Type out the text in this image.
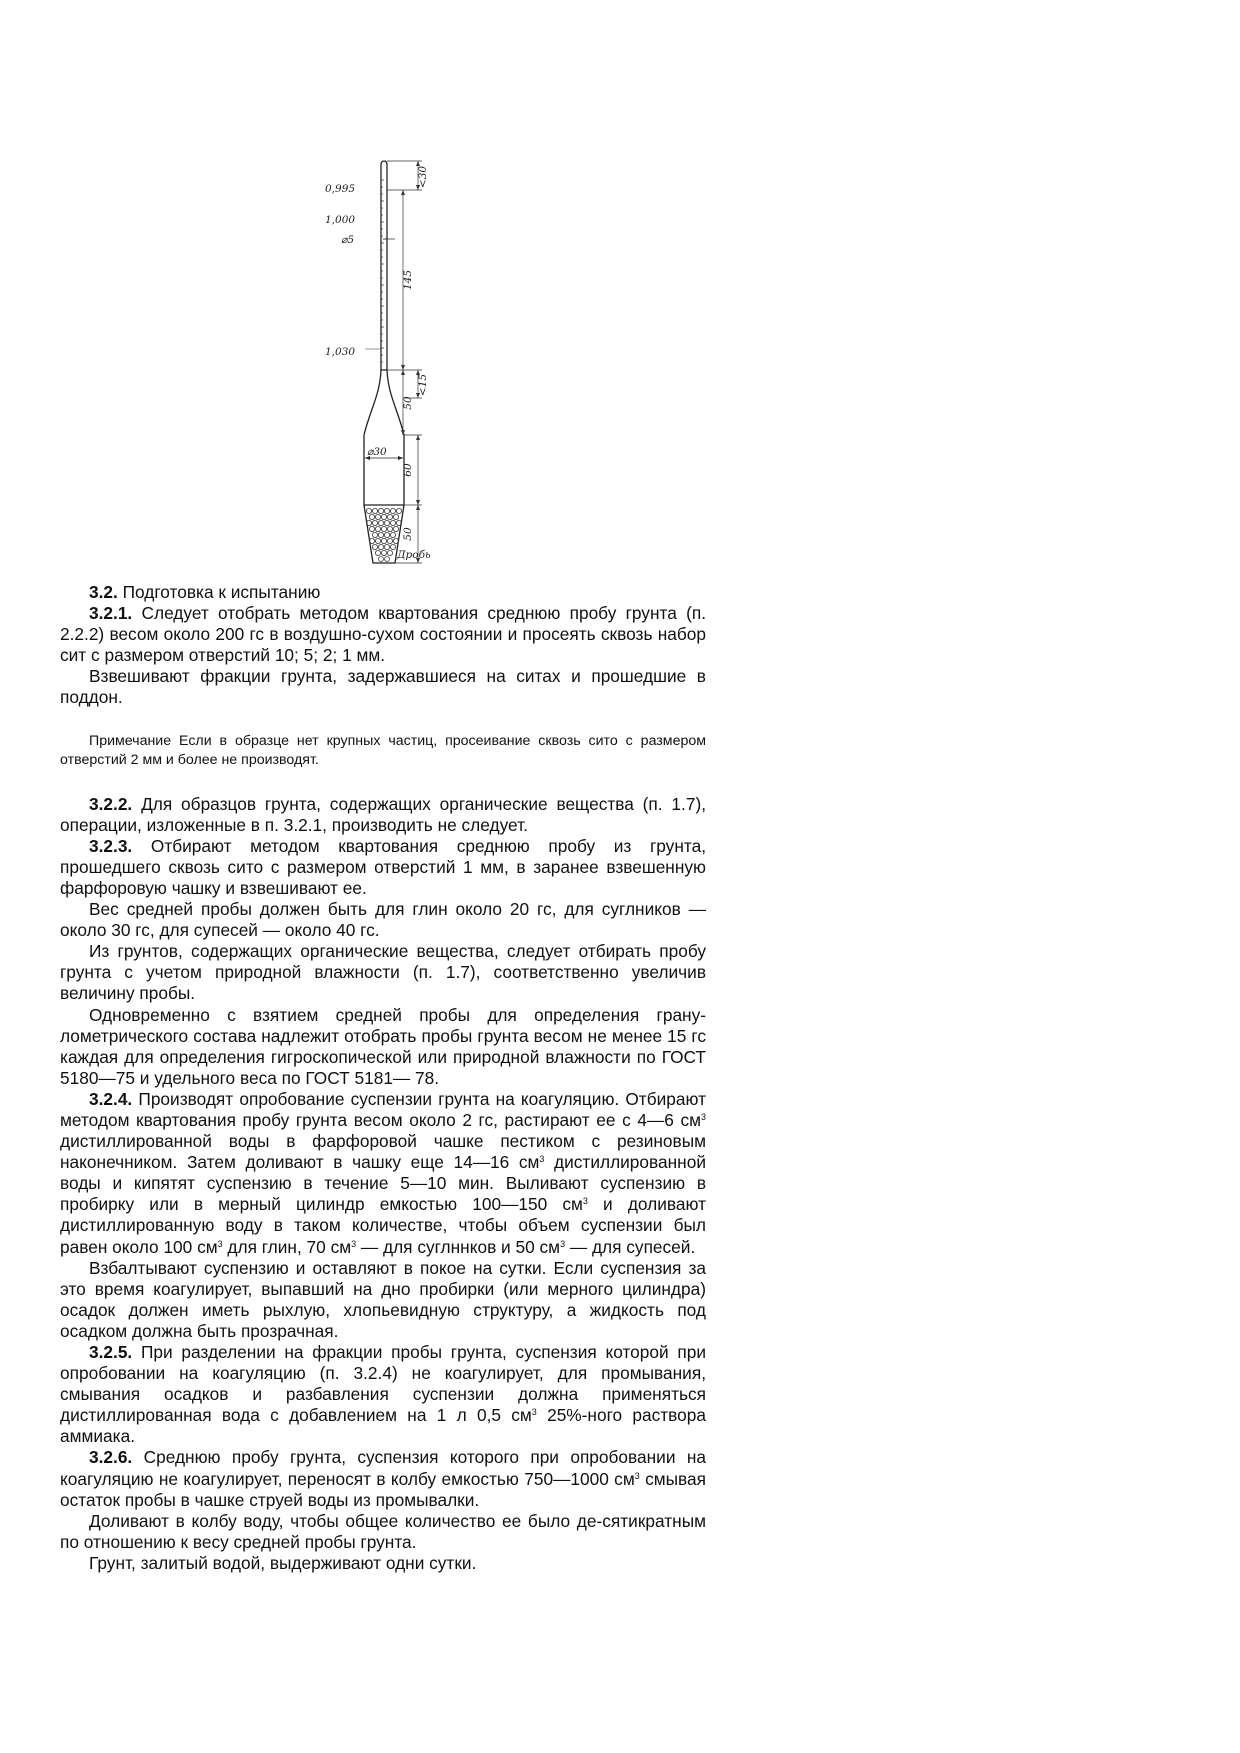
0,995
1,000
⌀5
1,030
⌀30
Дробь
<30
145
50
<15
60
50

3.2. Подготовка к испытанию

3.2.1. Следует отобрать методом квартования среднюю пробу грунта (п. 2.2.2) весом около 200 гс в воздушно-сухом состоянии и просеять сквозь набор сит с размером отверстий 10; 5; 2; 1 мм.

Взвешивают фракции грунта, задержавшиеся на ситах и прошедшие в поддон.

Примечание Если в образце нет крупных частиц, просеивание сквозь сито с размером отверстий 2 мм и более не производят.

3.2.2. Для образцов грунта, содержащих органические вещества (п. 1.7), операции, изложенные в п. 3.2.1, производить не следует.

3.2.3. Отбирают методом квартования среднюю пробу из грунта, прошедшего сквозь сито с размером отверстий 1 мм, в заранее взвешенную фарфоровую чашку и взвешивают ее.

Вес средней пробы должен быть для глин около 20 гс, для суглников — около 30 гс, для супесей — около 40 гс.

Из грунтов, содержащих органические вещества, следует отбирать пробу грунта с учетом природной влажности (п. 1.7), соответственно увеличив величину пробы.

Одновременно с взятием средней пробы для определения грану-лометрического состава надлежит отобрать пробы грунта весом не менее 15 гс каждая для определения гигроскопической или природной влажности по ГОСТ 5180—75 и удельного веса по ГОСТ 5181— 78.

3.2.4. Производят опробование суспензии грунта на коагуляцию. Отбирают методом квартования пробу грунта весом около 2 гс, растирают ее с 4—6 $см^3$ дистиллированной воды в фарфоровой чашке пестиком с резиновым наконечником. Затем доливают в чашку еще 14—16 $см^3$ дистиллированной воды и кипятят суспензию в течение 5—10 мин. Выливают суспензию в пробирку или в мерный цилиндр емкостью 100—150 $см^3$ и доливают дистиллированную воду в таком количестве, чтобы объем суспензии был равен около 100 $см^3$ для глин, 70 $см^3$ — для суглннков и 50 $см^3$ — для супесей.

Взбалтывают суспензию и оставляют в покое на сутки. Если суспензия за это время коагулирует, выпавший на дно пробирки (или мерного цилиндра) осадок должен иметь рыхлую, хлопьевидную структуру, а жидкость под осадком должна быть прозрачная.

3.2.5. При разделении на фракции пробы грунта, суспензия которой при опробовании на коагуляцию (п. 3.2.4) не коагулирует, для промывания, смывания осадков и разбавления суспензии должна применяться дистиллированная вода с добавлением на 1 л 0,5 $см^3$ 25%-ного раствора аммиака.

3.2.6. Среднюю пробу грунта, суспензия которого при опробовании на коагуляцию не коагулирует, переносят в колбу емкостью 750—1000 $см^3$ смывая остаток пробы в чашке струей воды из промывалки.

Доливают в колбу воду, чтобы общее количество ее было де-сятикратным по отношению к весу средней пробы грунта.

Грунт, залитый водой, выдерживают одни сутки.
